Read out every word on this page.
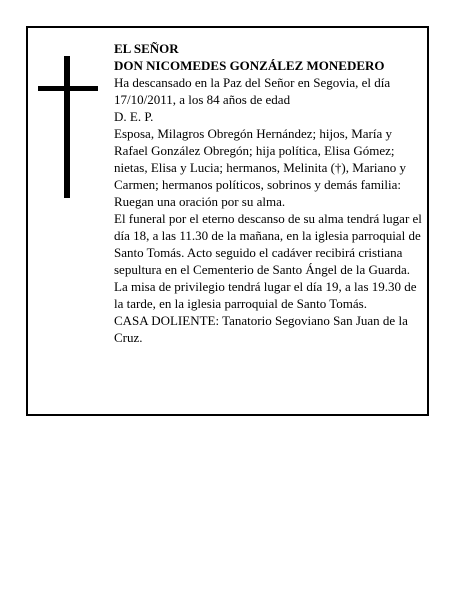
EL SEÑOR

DON NICOMEDES GONZÁLEZ MONEDERO

Ha descansado en la Paz del Señor en Segovia, el día 17/10/2011, a los 84 años de edad

D. E. P.

Esposa, Milagros Obregón Hernández; hijos, María y Rafael González Obregón; hija política, Elisa Gómez; nietas, Elisa y Lucia; hermanos, Melinita (†), Mariano y Carmen; hermanos políticos, sobrinos y demás familia:

Ruegan una oración por su alma.

El funeral por el eterno descanso de su alma tendrá lugar el día 18, a las 11.30 de la mañana, en la iglesia parroquial de Santo Tomás. Acto seguido el cadáver recibirá cristiana sepultura en el Cementerio de Santo Ángel de la Guarda.

La misa de privilegio tendrá lugar el día 19, a las 19.30 de la tarde, en la iglesia parroquial de Santo Tomás.

CASA DOLIENTE: Tanatorio Segoviano San Juan de la Cruz.
